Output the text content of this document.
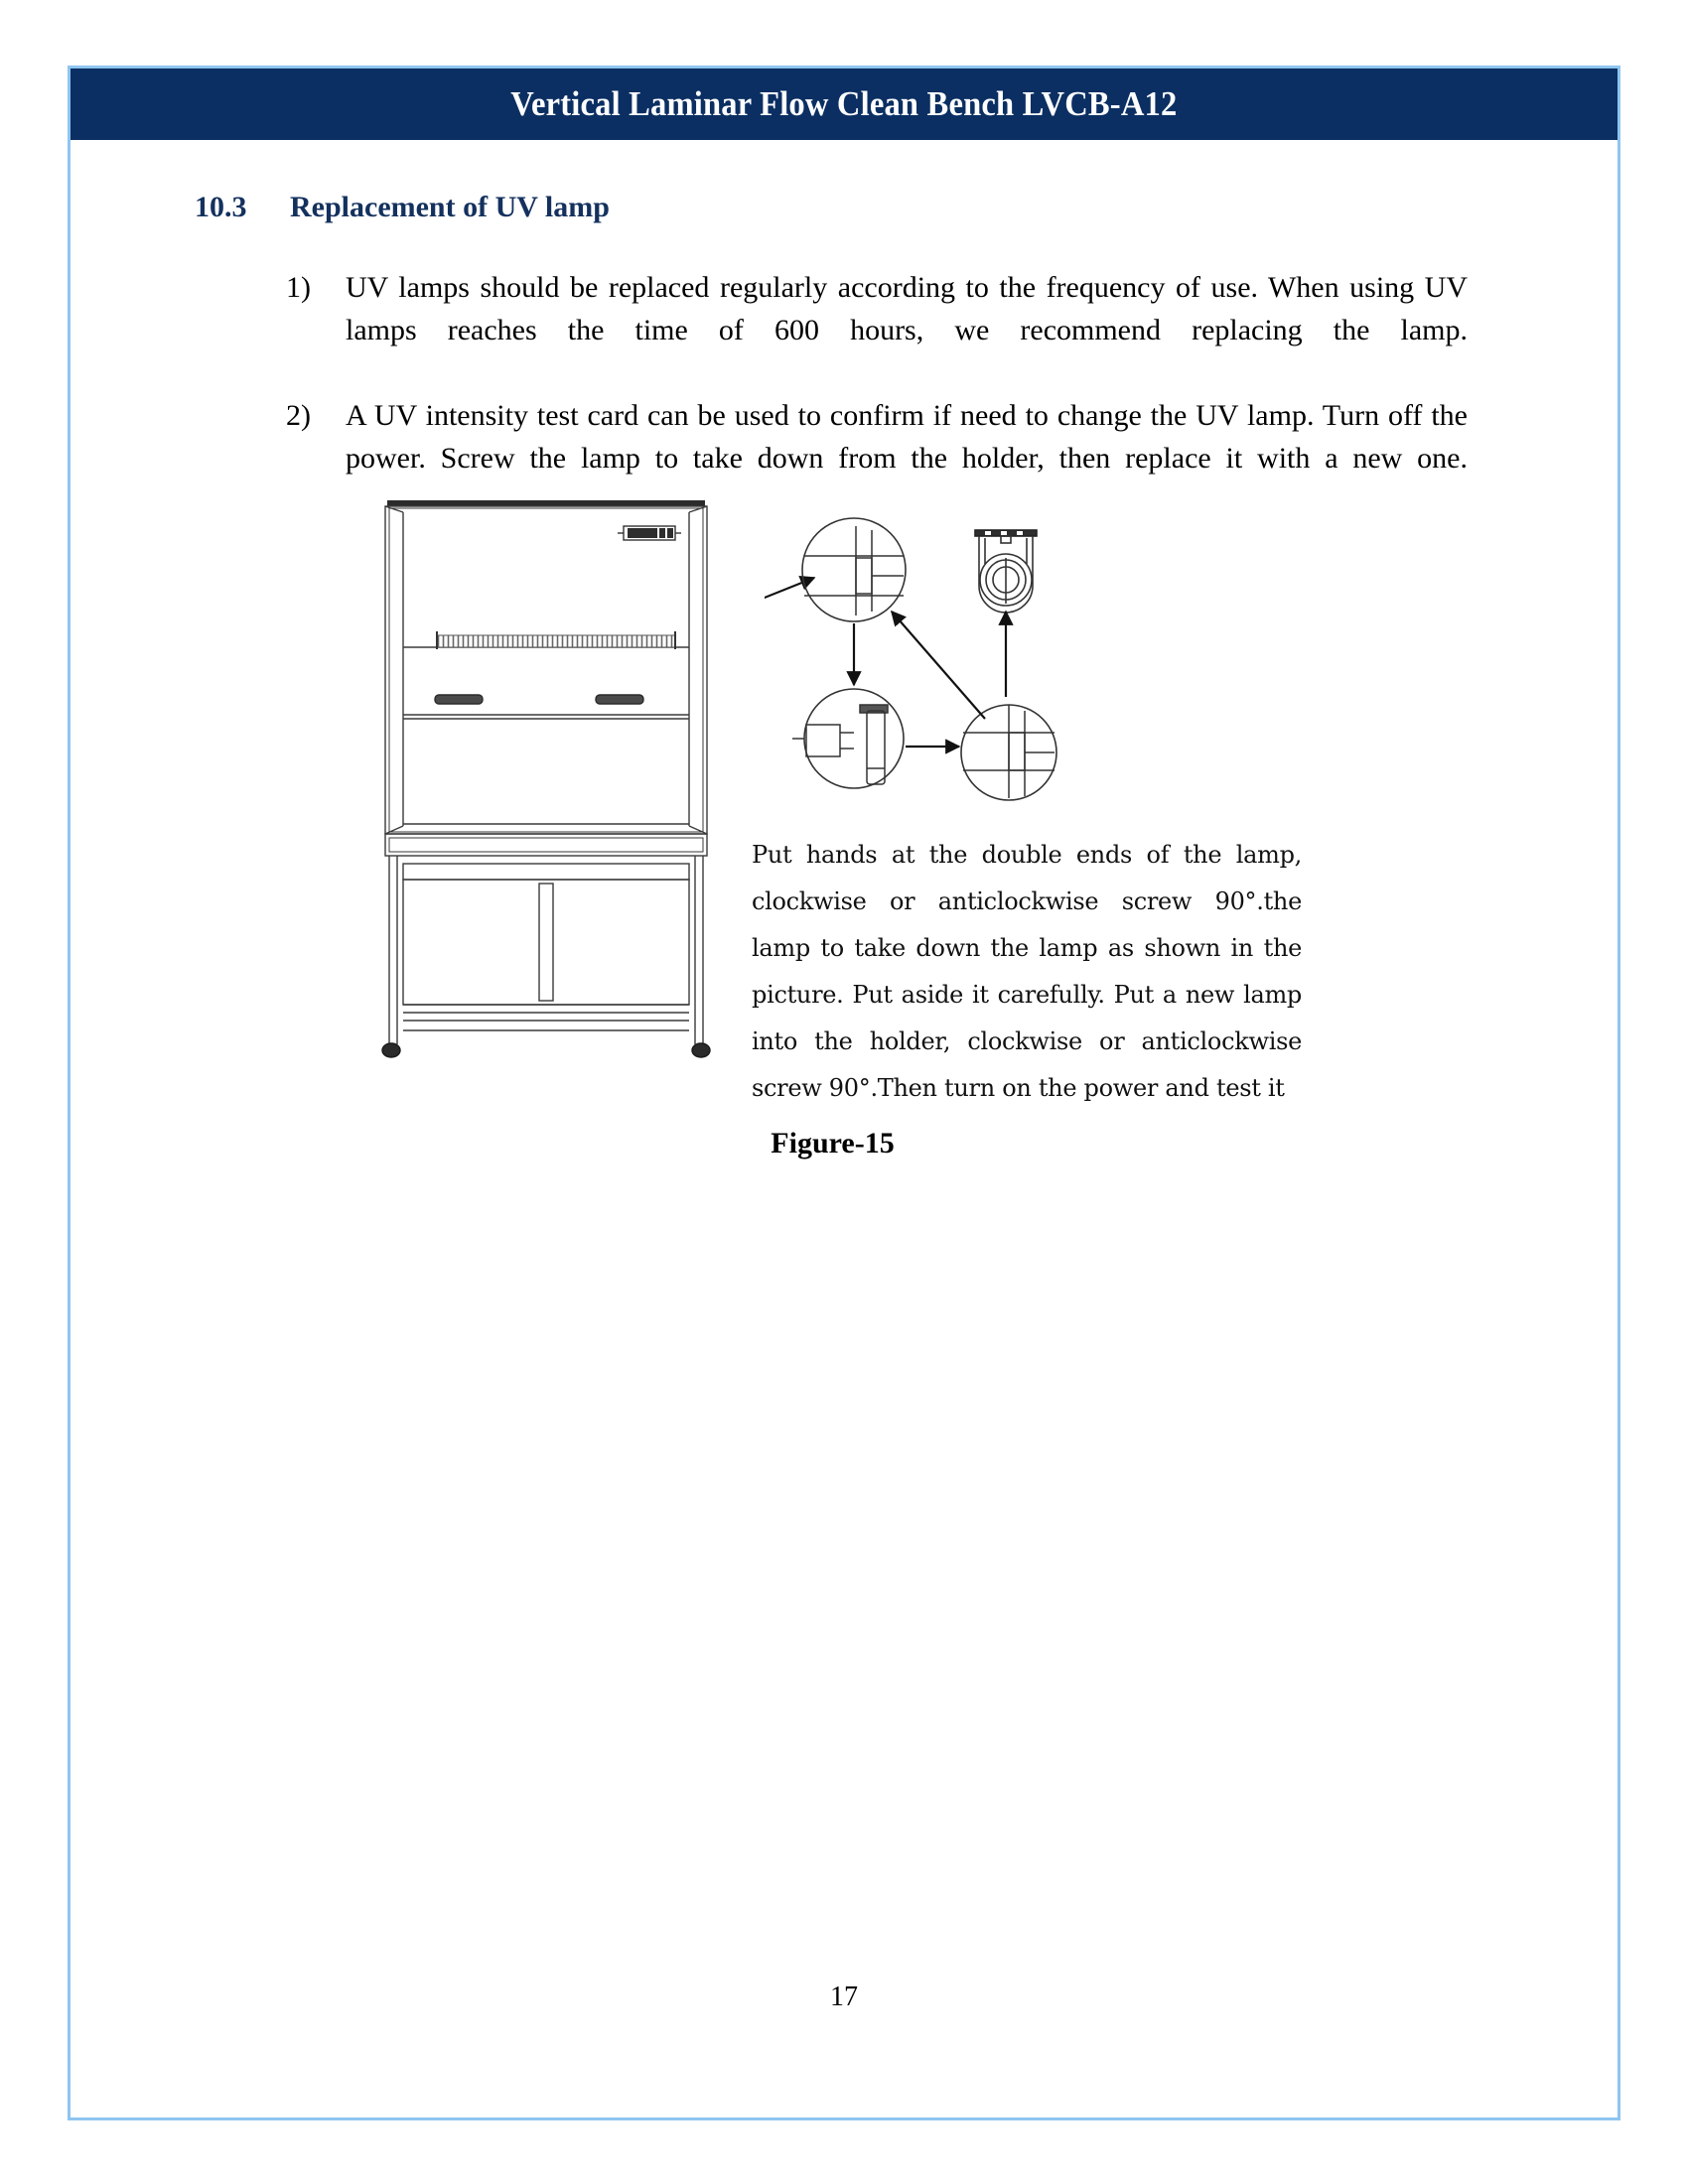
Vertical Laminar Flow Clean Bench LVCB-A12
10.3	Replacement of UV lamp
1)	UV lamps should be replaced regularly according to the frequency of use. When using UV lamps reaches the time of 600 hours, we recommend replacing the lamp.
2)	A UV intensity test card can be used to confirm if need to change the UV lamp. Turn off the power. Screw the lamp to take down from the holder, then replace it with a new one.
Put hands at the double ends of the lamp, clockwise or anticlockwise screw 90°.the lamp to take down the lamp as shown in the picture. Put aside it carefully. Put a new lamp into the holder, clockwise or anticlockwise screw 90°.Then turn on the power and test it
Figure-15
17
